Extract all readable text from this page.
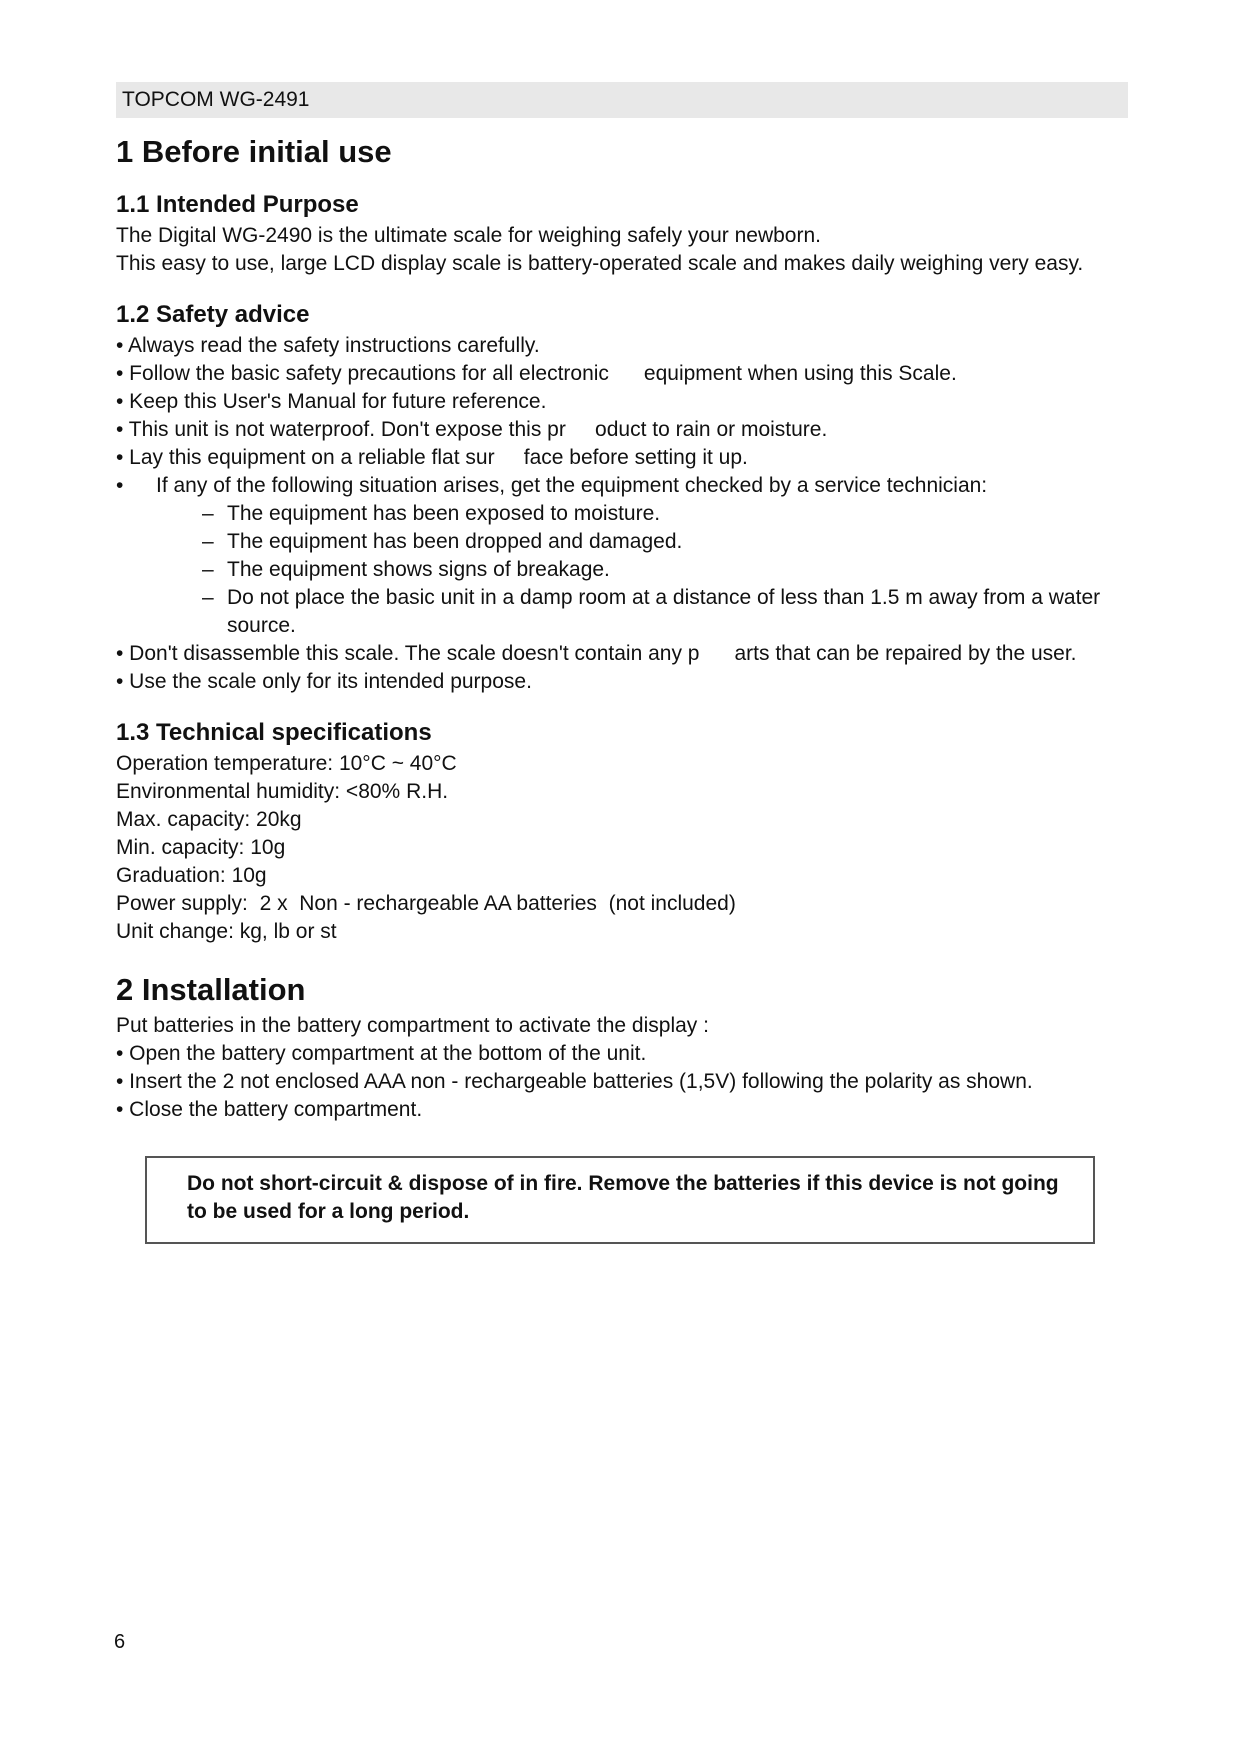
TOPCOM WG-2491
1 Before initial use
1.1 Intended Purpose

The Digital WG-2490 is the ultimate scale for weighing safely your newborn.

This easy to use, large LCD display scale is battery-operated scale and makes daily weighing very easy.

1.2 Safety advice

• Always read the safety instructions carefully.

• Follow the basic safety precautions for all electronic      equipment when using this Scale.

• Keep this User's Manual for future reference.

• This unit is not waterproof. Don't expose this pr     oduct to rain or moisture.

• Lay this equipment on a reliable flat sur     face before setting it up.

• If any of the following situation arises, get the equipment checked by a service technician:

– The equipment has been exposed to moisture.

– The equipment has been dropped and damaged.

– The equipment shows signs of breakage.

– Do not place the basic unit in a damp room at a distance of less than 1.5 m away from a water source.

• Don't disassemble this scale. The scale doesn't contain any p      arts that can be repaired by the user.

• Use the scale only for its intended purpose.

1.3 Technical specifications

Operation temperature: 10°C ~ 40°C

Environmental humidity: <80% R.H.

Max. capacity: 20kg

Min. capacity: 10g

Graduation: 10g

Power supply:  2 x  Non - rechargeable AA batteries  (not included)

Unit change: kg, lb or st

2 Installation

Put batteries in the battery compartment to activate the display :

• Open the battery compartment at the bottom of the unit.

• Insert the 2 not enclosed AAA non - rechargeable batteries (1,5V) following the polarity as shown.

• Close the battery compartment.

Do not short-circuit & dispose of in fire. Remove the batteries if this device is not going to be used for a long period.
6
